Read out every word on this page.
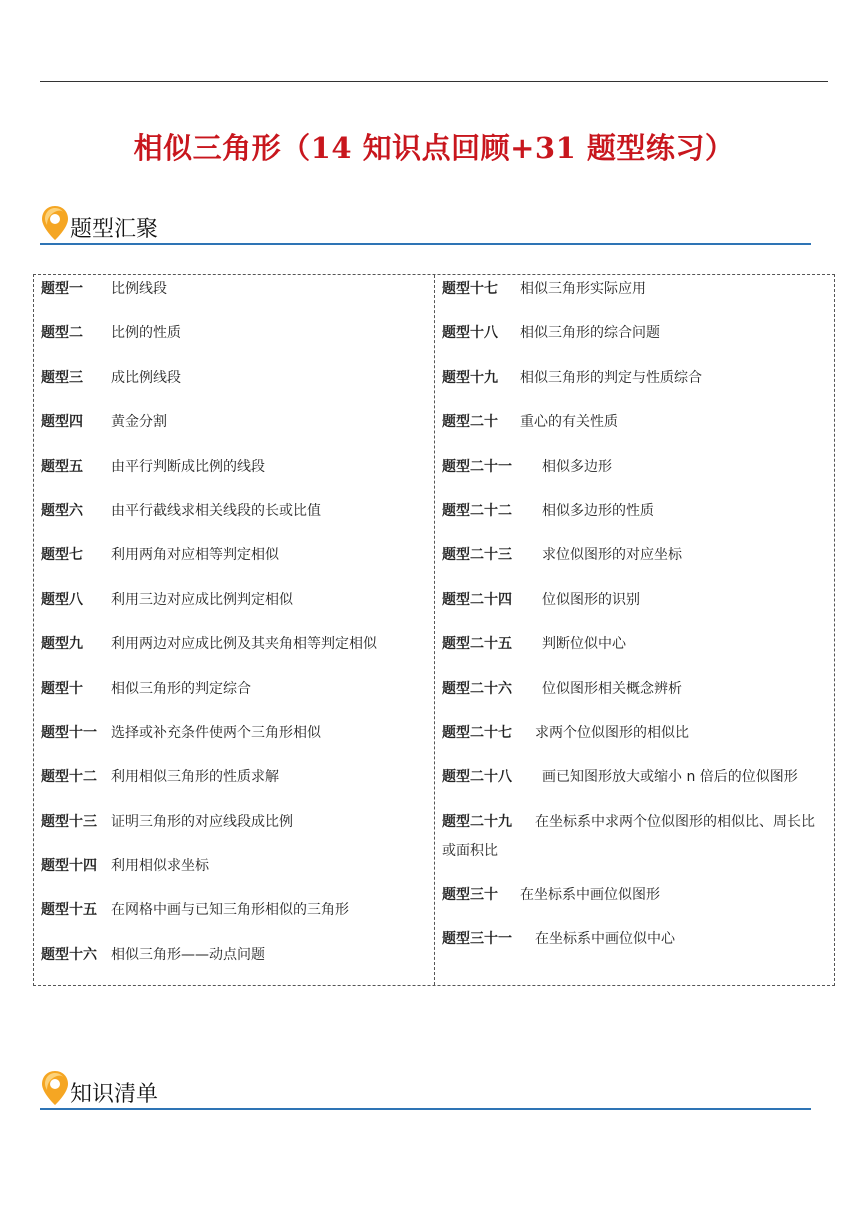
相似三角形（14 知识点回顾+31 题型练习）
题型汇聚
题型一 比例线段
题型二 比例的性质
题型三 成比例线段
题型四 黄金分割
题型五 由平行判断成比例的线段
题型六 由平行截线求相关线段的长或比值
题型七 利用两角对应相等判定相似
题型八 利用三边对应成比例判定相似
题型九 利用两边对应成比例及其夹角相等判定相似
题型十 相似三角形的判定综合
题型十一 选择或补充条件使两个三角形相似
题型十二 利用相似三角形的性质求解
题型十三 证明三角形的对应线段成比例
题型十四 利用相似求坐标
题型十五 在网格中画与已知三角形相似的三角形
题型十六 相似三角形——动点问题
题型十七 相似三角形实际应用
题型十八 相似三角形的综合问题
题型十九 相似三角形的判定与性质综合
题型二十 重心的有关性质
题型二十一 相似多边形
题型二十二 相似多边形的性质
题型二十三 求位似图形的对应坐标
题型二十四 位似图形的识别
题型二十五 判断位似中心
题型二十六 位似图形相关概念辨析
题型二十七 求两个位似图形的相似比
题型二十八 画已知图形放大或缩小 n 倍后的位似图形
题型二十九 在坐标系中求两个位似图形的相似比、周长比或面积比
题型三十 在坐标系中画位似图形
题型三十一 在坐标系中画位似中心
知识清单
